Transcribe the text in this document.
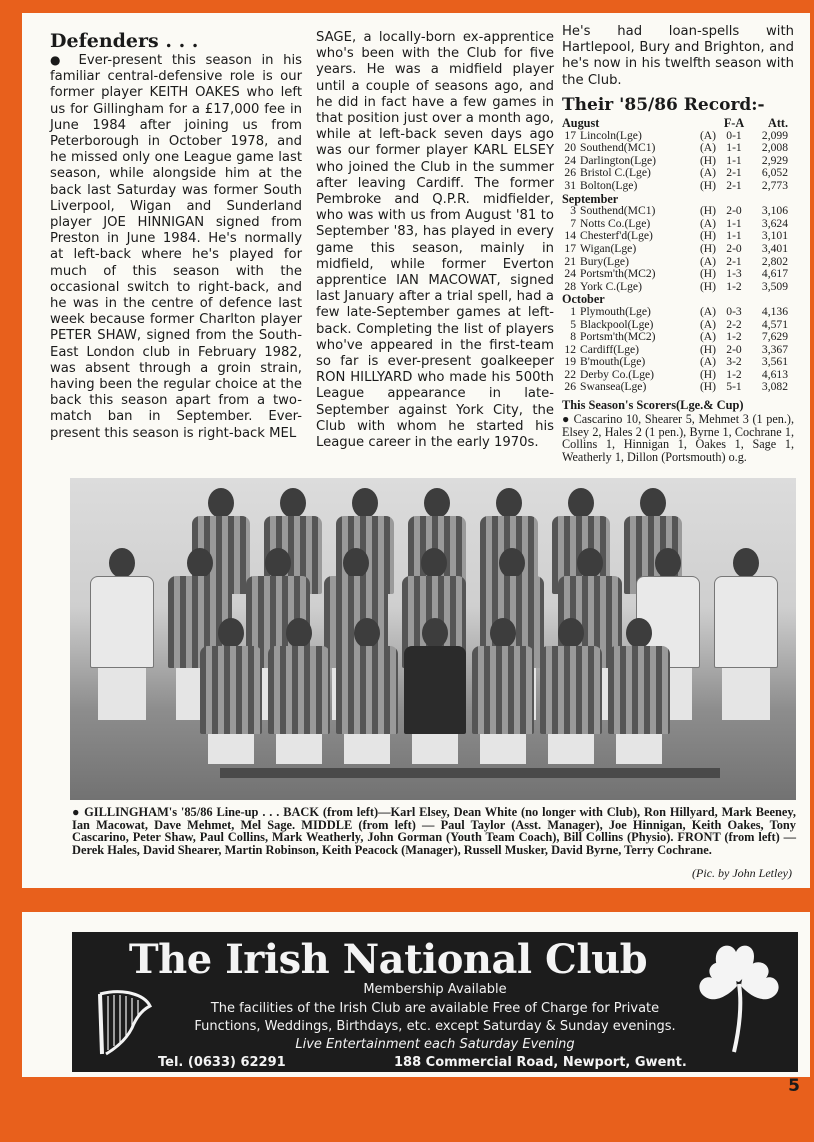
Defenders . . .
● Ever-present this season in his familiar central-defensive role is our former player KEITH OAKES who left us for Gillingham for a £17,000 fee in June 1984 after joining us from Peterborough in October 1978, and he missed only one League game last season, while alongside him at the back last Saturday was former South Liverpool, Wigan and Sunderland player JOE HINNIGAN signed from Preston in June 1984. He's normally at left-back where he's played for much of this season with the occasional switch to right-back, and he was in the centre of defence last week because former Charlton player PETER SHAW, signed from the South-East London club in February 1982, was absent through a groin strain, having been the regular choice at the back this season apart from a two-match ban in September. Ever-present this season is right-back MEL
SAGE, a locally-born ex-apprentice who's been with the Club for five years. He was a midfield player until a couple of seasons ago, and he did in fact have a few games in that position just over a month ago, while at left-back seven days ago was our former player KARL ELSEY who joined the Club in the summer after leaving Cardiff. The former Pembroke and Q.P.R. midfielder, who was with us from August '81 to September '83, has played in every game this season, mainly in midfield, while former Everton apprentice IAN MACOWAT, signed last January after a trial spell, had a few late-September games at left-back. Completing the list of players who've appeared in the first-team so far is ever-present goalkeeper RON HILLYARD who made his 500th League appearance in late-September against York City, the Club with whom he started his League career in the early 1970s.
He's had loan-spells with Hartlepool, Bury and Brighton, and he's now in his twelfth season with the Club.
Their '85/86 Record:-
August			F-A	Att.
17	Lincoln(Lge)	(A)	0-1	2,099
20	Southend(MC1)	(A)	1-1	2,008
24	Darlington(Lge)	(H)	1-1	2,929
26	Bristol C.(Lge)	(A)	2-1	6,052
31	Bolton(Lge)	(H)	2-1	2,773
September				
3	Southend(MC1)	(H)	2-0	3,106
7	Notts Co.(Lge)	(A)	1-1	3,624
14	Chesterf'd(Lge)	(H)	1-1	3,101
17	Wigan(Lge)	(H)	2-0	3,401
21	Bury(Lge)	(A)	2-1	2,802
24	Portsm'th(MC2)	(H)	1-3	4,617
28	York C.(Lge)	(H)	1-2	3,509
October				
1	Plymouth(Lge)	(A)	0-3	4,136
5	Blackpool(Lge)	(A)	2-2	4,571
8	Portsm'th(MC2)	(A)	1-2	7,629
12	Cardiff(Lge)	(H)	2-0	3,367
19	B'mouth(Lge)	(A)	3-2	3,561
22	Derby Co.(Lge)	(H)	1-2	4,613
26	Swansea(Lge)	(H)	5-1	3,082
This Season's Scorers(Lge.& Cup)
● Cascarino 10, Shearer 5, Mehmet 3 (1 pen.), Elsey 2, Hales 2 (1 pen.), Byrne 1, Cochrane 1, Collins 1, Hinnigan 1, Oakes 1, Sage 1, Weatherly 1, Dillon (Portsmouth) o.g.
● GILLINGHAM's '85/86 Line-up . . . BACK (from left)—Karl Elsey, Dean White (no longer with Club), Ron Hillyard, Mark Beeney, Ian Macowat, Dave Mehmet, Mel Sage. MIDDLE (from left) — Paul Taylor (Asst. Manager), Joe Hinnigan, Keith Oakes, Tony Cascarino, Peter Shaw, Paul Collins, Mark Weatherly, John Gorman (Youth Team Coach), Bill Collins (Physio). FRONT (from left) — Derek Hales, David Shearer, Martin Robinson, Keith Peacock (Manager), Russell Musker, David Byrne, Terry Cochrane.
(Pic. by John Letley)
The Irish National Club
Membership Available
The facilities of the Irish Club are available Free of Charge for Private
Functions, Weddings, Birthdays, etc. except Saturday & Sunday evenings.
Live Entertainment each Saturday Evening
Tel. (0633) 62291	188 Commercial Road, Newport, Gwent.
5
